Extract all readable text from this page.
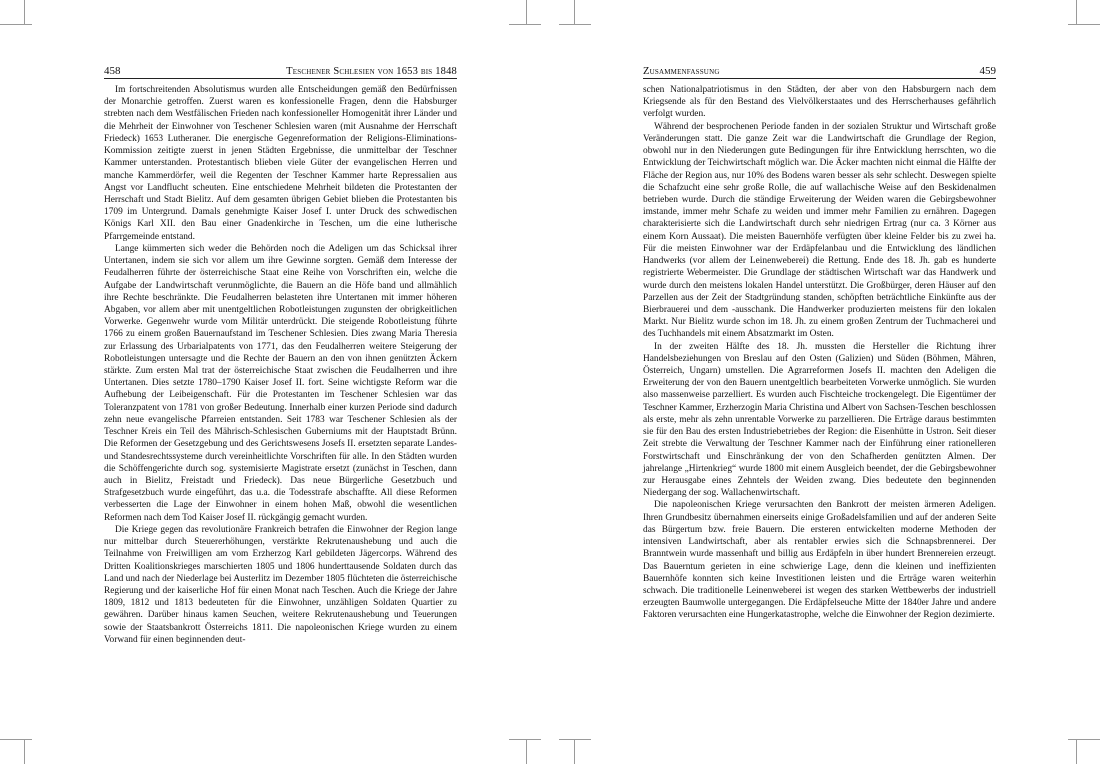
458	Teschener Schlesien von 1653 bis 1848

Im fortschreitenden Absolutismus wurden alle Entscheidungen gemäß den Bedürfnissen der Monarchie getroffen. Zuerst waren es konfessionelle Fragen, denn die Habsburger strebten nach dem Westfälischen Frieden nach konfessioneller Homogenität ihrer Länder und die Mehrheit der Einwohner von Teschener Schlesien waren (mit Ausnahme der Herrschaft Friedeck) 1653 Lutheraner. Die energische Gegenreformation der Religions-Eliminations-Kommission zeitigte zuerst in jenen Städten Ergebnisse, die unmittelbar der Teschner Kammer unterstanden. Protestantisch blieben viele Güter der evangelischen Herren und manche Kammerdörfer, weil die Regenten der Teschner Kammer harte Repressalien aus Angst vor Landflucht scheuten. Eine entschiedene Mehrheit bildeten die Protestanten der Herrschaft und Stadt Bielitz. Auf dem gesamten übrigen Gebiet blieben die Protestanten bis 1709 im Untergrund. Damals genehmigte Kaiser Josef I. unter Druck des schwedischen Königs Karl XII. den Bau einer Gnadenkirche in Teschen, um die eine lutherische Pfarrgemeinde entstand.

Lange kümmerten sich weder die Behörden noch die Adeligen um das Schicksal ihrer Untertanen, indem sie sich vor allem um ihre Gewinne sorgten. Gemäß dem Interesse der Feudalherren führte der österreichische Staat eine Reihe von Vorschriften ein, welche die Aufgabe der Landwirtschaft verunmöglichte, die Bauern an die Höfe band und allmählich ihre Rechte beschränkte. Die Feudalherren belasteten ihre Untertanen mit immer höheren Abgaben, vor allem aber mit unentgeltlichen Robotleistungen zugunsten der obrigkeitlichen Vorwerke. Gegenwehr wurde vom Militär unterdrückt. Die steigende Robotleistung führte 1766 zu einem großen Bauernaufstand im Teschener Schlesien. Dies zwang Maria Theresia zur Erlassung des Urbarialpatents von 1771, das den Feudalherren weitere Steigerung der Robotleistungen untersagte und die Rechte der Bauern an den von ihnen genützten Äckern stärkte. Zum ersten Mal trat der österreichische Staat zwischen die Feudalherren und ihre Untertanen. Dies setzte 1780–1790 Kaiser Josef II. fort. Seine wichtigste Reform war die Aufhebung der Leibeigenschaft. Für die Protestanten im Teschener Schlesien war das Toleranzpatent von 1781 von großer Bedeutung. Innerhalb einer kurzen Periode sind dadurch zehn neue evangelische Pfarreien entstanden. Seit 1783 war Teschener Schlesien als der Teschner Kreis ein Teil des Mährisch-Schlesischen Guberniums mit der Hauptstadt Brünn. Die Reformen der Gesetzgebung und des Gerichtswesens Josefs II. ersetzten separate Landes- und Standesrechtssysteme durch vereinheitlichte Vorschriften für alle. In den Städten wurden die Schöffengerichte durch sog. systemisierte Magistrate ersetzt (zunächst in Teschen, dann auch in Bielitz, Freistadt und Friedeck). Das neue Bürgerliche Gesetzbuch und Strafgesetzbuch wurde eingeführt, das u.a. die Todesstrafe abschaffte. All diese Reformen verbesserten die Lage der Einwohner in einem hohen Maß, obwohl die wesentlichen Reformen nach dem Tod Kaiser Josef II. rückgängig gemacht wurden.

Die Kriege gegen das revolutionäre Frankreich betrafen die Einwohner der Region lange nur mittelbar durch Steuererhöhungen, verstärkte Rekrutenaushebung und auch die Teilnahme von Freiwilligen am vom Erzherzog Karl gebildeten Jägercorps. Während des Dritten Koalitionskrieges marschierten 1805 und 1806 hunderttausende Soldaten durch das Land und nach der Niederlage bei Austerlitz im Dezember 1805 flüchteten die österreichische Regierung und der kaiserliche Hof für einen Monat nach Teschen. Auch die Kriege der Jahre 1809, 1812 und 1813 bedeuteten für die Einwohner, unzähligen Soldaten Quartier zu gewähren. Darüber hinaus kamen Seuchen, weitere Rekrutenaushebung und Teuerungen sowie der Staatsbankrott Österreichs 1811. Die napoleonischen Kriege wurden zu einem Vorwand für einen beginnenden deut-

Zusammenfassung	459

schen Nationalpatriotismus in den Städten, der aber von den Habsburgern nach dem Kriegsende als für den Bestand des Vielvölkerstaates und des Herrscherhauses gefährlich verfolgt wurden.

Während der besprochenen Periode fanden in der sozialen Struktur und Wirtschaft große Veränderungen statt. Die ganze Zeit war die Landwirtschaft die Grundlage der Region, obwohl nur in den Niederungen gute Bedingungen für ihre Entwicklung herrschten, wo die Entwicklung der Teichwirtschaft möglich war. Die Äcker machten nicht einmal die Hälfte der Fläche der Region aus, nur 10% des Bodens waren besser als sehr schlecht. Deswegen spielte die Schafzucht eine sehr große Rolle, die auf wallachische Weise auf den Beskidenalmen betrieben wurde. Durch die ständige Erweiterung der Weiden waren die Gebirgsbewohner imstande, immer mehr Schafe zu weiden und immer mehr Familien zu ernähren. Dagegen charakterisierte sich die Landwirtschaft durch sehr niedrigen Ertrag (nur ca. 3 Körner aus einem Korn Aussaat). Die meisten Bauernhöfe verfügten über kleine Felder bis zu zwei ha. Für die meisten Einwohner war der Erdäpfelanbau und die Entwicklung des ländlichen Handwerks (vor allem der Leinenweberei) die Rettung. Ende des 18. Jh. gab es hunderte registrierte Webermeister. Die Grundlage der städtischen Wirtschaft war das Handwerk und wurde durch den meistens lokalen Handel unterstützt. Die Großbürger, deren Häuser auf den Parzellen aus der Zeit der Stadtgründung standen, schöpften beträchtliche Einkünfte aus der Bierbrauerei und dem -ausschank. Die Handwerker produzierten meistens für den lokalen Markt. Nur Bielitz wurde schon im 18. Jh. zu einem großen Zentrum der Tuchmacherei und des Tuchhandels mit einem Absatzmarkt im Osten.

In der zweiten Hälfte des 18. Jh. mussten die Hersteller die Richtung ihrer Handelsbeziehungen von Breslau auf den Osten (Galizien) und Süden (Böhmen, Mähren, Österreich, Ungarn) umstellen. Die Agrarreformen Josefs II. machten den Adeligen die Erweiterung der von den Bauern unentgeltlich bearbeiteten Vorwerke unmöglich. Sie wurden also massenweise parzelliert. Es wurden auch Fischteiche trockengelegt. Die Eigentümer der Teschner Kammer, Erzherzogin Maria Christina und Albert von Sachsen-Teschen beschlossen als erste, mehr als zehn unrentable Vorwerke zu parzellieren. Die Erträge daraus bestimmten sie für den Bau des ersten Industriebetriebes der Region: die Eisenhütte in Ustron. Seit dieser Zeit strebte die Verwaltung der Teschner Kammer nach der Einführung einer rationelleren Forstwirtschaft und Einschränkung der von den Schafherden genützten Almen. Der jahrelange „Hirtenkrieg“ wurde 1800 mit einem Ausgleich beendet, der die Gebirgsbewohner zur Herausgabe eines Zehntels der Weiden zwang. Dies bedeutete den beginnenden Niedergang der sog. Wallachenwirtschaft.

Die napoleonischen Kriege verursachten den Bankrott der meisten ärmeren Adeligen. Ihren Grundbesitz übernahmen einerseits einige Großadelsfamilien und auf der anderen Seite das Bürgertum bzw. freie Bauern. Die ersteren entwickelten moderne Methoden der intensiven Landwirtschaft, aber als rentabler erwies sich die Schnapsbrennerei. Der Branntwein wurde massenhaft und billig aus Erdäpfeln in über hundert Brennereien erzeugt. Das Bauerntum gerieten in eine schwierige Lage, denn die kleinen und ineffizienten Bauernhöfe konnten sich keine Investitionen leisten und die Erträge waren weiterhin schwach. Die traditionelle Leinenweberei ist wegen des starken Wettbewerbs der industriell erzeugten Baumwolle untergegangen. Die Erdäpfelseuche Mitte der 1840er Jahre und andere Faktoren verursachten eine Hungerkatastrophe, welche die Einwohner der Region dezimierte.
